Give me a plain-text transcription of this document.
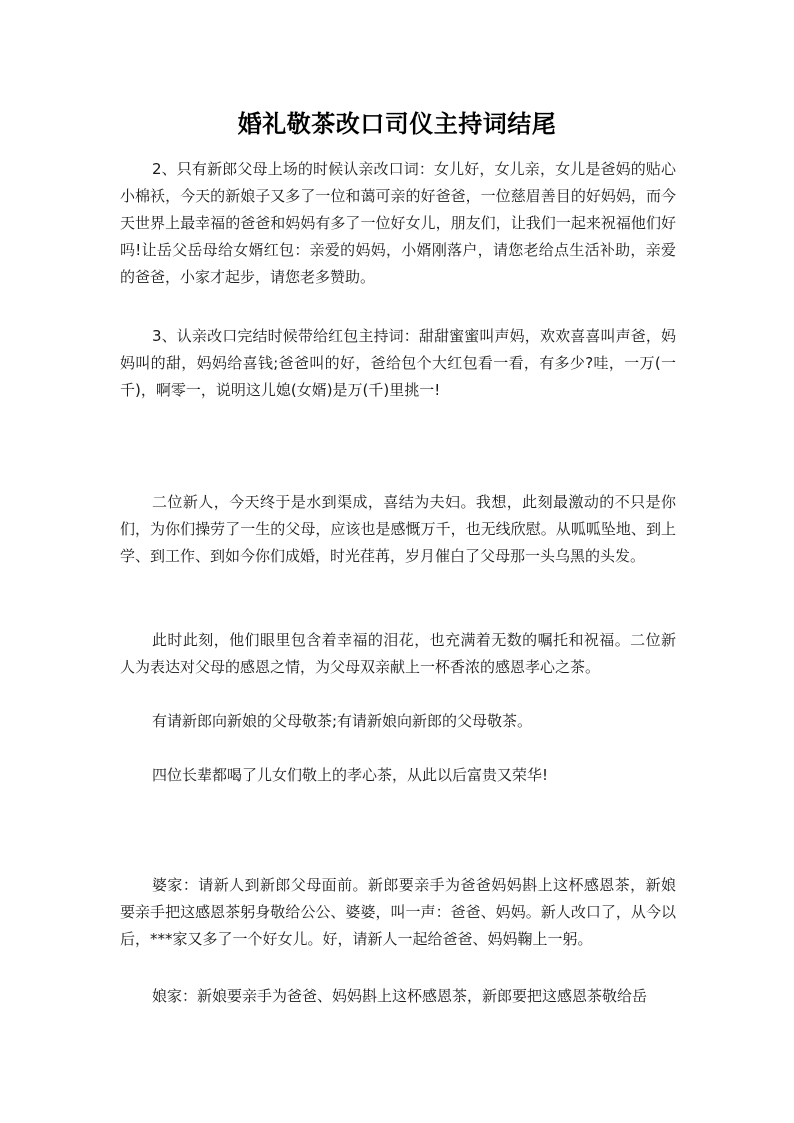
婚礼敬茶改口司仪主持词结尾

2、只有新郎父母上场的时候认亲改口词：女儿好，女儿亲，女儿是爸妈的贴心小棉袄，今天的新娘子又多了一位和蔼可亲的好爸爸，一位慈眉善目的好妈妈，而今天世界上最幸福的爸爸和妈妈有多了一位好女儿，朋友们，让我们一起来祝福他们好吗!让岳父岳母给女婿红包：亲爱的妈妈，小婿刚落户，请您老给点生活补助，亲爱的爸爸，小家才起步，请您老多赞助。

3、认亲改口完结时候带给红包主持词：甜甜蜜蜜叫声妈，欢欢喜喜叫声爸，妈妈叫的甜，妈妈给喜钱;爸爸叫的好，爸给包个大红包看一看，有多少?哇，一万(一千)，啊零一，说明这儿媳(女婿)是万(千)里挑一!

二位新人，今天终于是水到渠成，喜结为夫妇。我想，此刻最激动的不只是你们，为你们操劳了一生的父母，应该也是感慨万千，也无线欣慰。从呱呱坠地、到上学、到工作、到如今你们成婚，时光荏苒，岁月催白了父母那一头乌黑的头发。

此时此刻，他们眼里包含着幸福的泪花，也充满着无数的嘱托和祝福。二位新人为表达对父母的感恩之情，为父母双亲献上一杯香浓的感恩孝心之茶。

有请新郎向新娘的父母敬茶;有请新娘向新郎的父母敬茶。

四位长辈都喝了儿女们敬上的孝心茶，从此以后富贵又荣华!

婆家：请新人到新郎父母面前。新郎要亲手为爸爸妈妈斟上这杯感恩茶，新娘要亲手把这感恩茶躬身敬给公公、婆婆，叫一声：爸爸、妈妈。新人改口了，从今以后，***家又多了一个好女儿。好，请新人一起给爸爸、妈妈鞠上一躬。

娘家：新娘要亲手为爸爸、妈妈斟上这杯感恩茶，新郎要把这感恩茶敬给岳
